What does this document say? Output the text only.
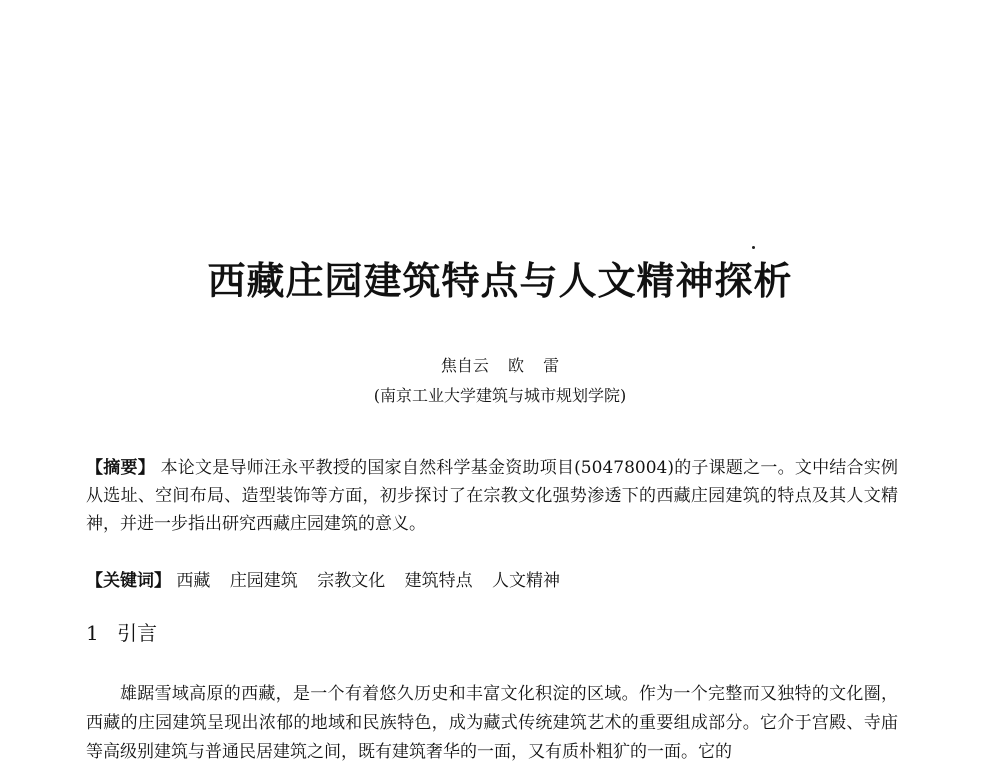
西藏庄园建筑特点与人文精神探析
焦自云 欧 雷
(南京工业大学建筑与城市规划学院)
【摘要】 本论文是导师汪永平教授的国家自然科学基金资助项目(50478004)的子课题之一。文中结合实例从选址、空间布局、造型装饰等方面，初步探讨了在宗教文化强势渗透下的西藏庄园建筑的特点及其人文精神，并进一步指出研究西藏庄园建筑的意义。
【关键词】 西藏 庄园建筑 宗教文化 建筑特点 人文精神
1 引言

雄踞雪域高原的西藏，是一个有着悠久历史和丰富文化积淀的区域。作为一个完整而又独特的文化圈，西藏的庄园建筑呈现出浓郁的地域和民族特色，成为藏式传统建筑艺术的重要组成部分。它介于宫殿、寺庙等高级别建筑与普通民居建筑之间，既有建筑奢华的一面，又有质朴粗犷的一面。它的
